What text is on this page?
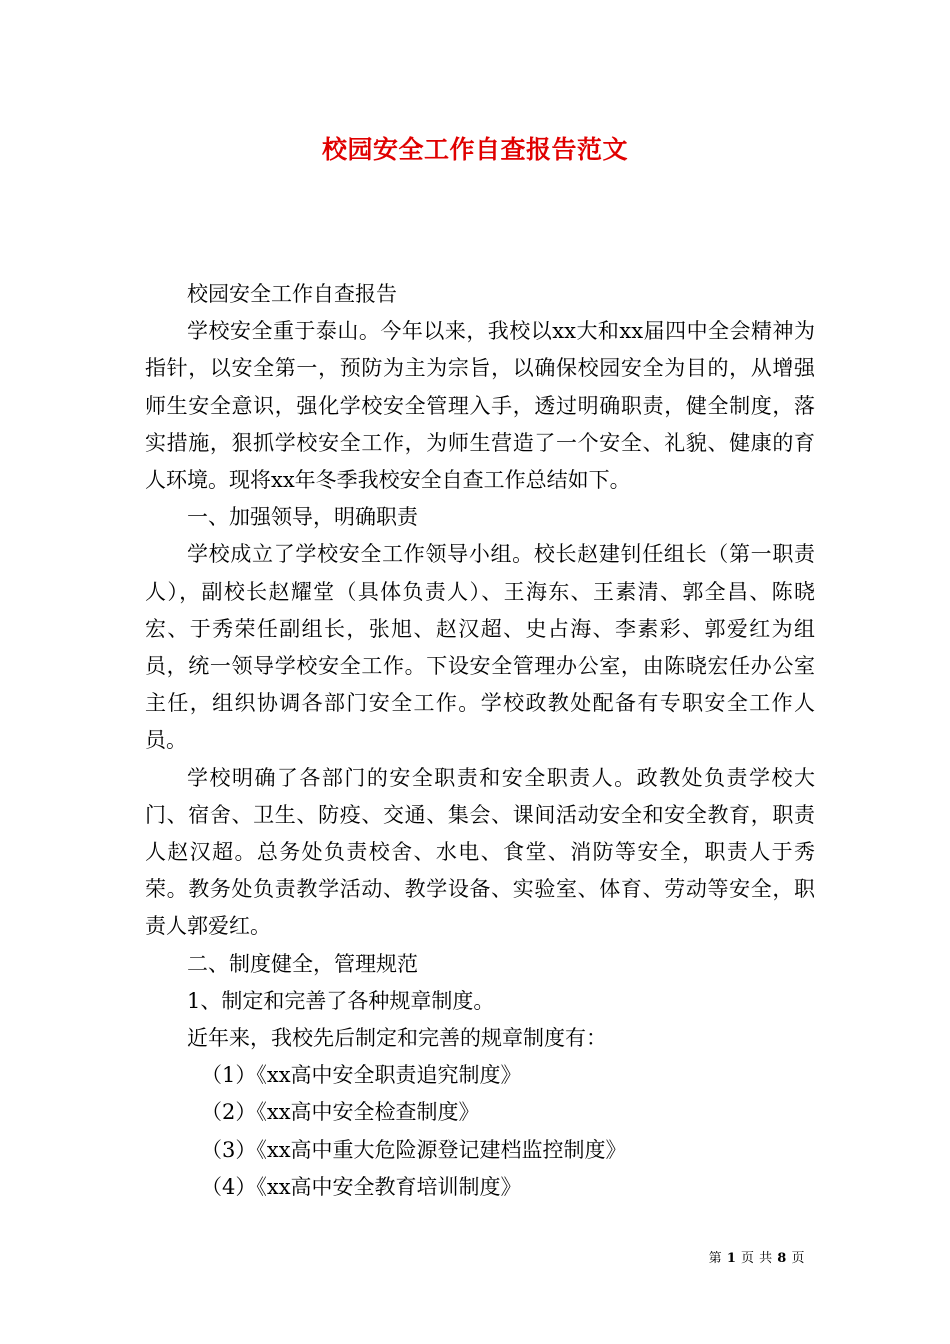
校园安全工作自查报告范文

校园安全工作自查报告

学校安全重于泰山。今年以来，我校以xx大和xx届四中全会精神为指针，以安全第一，预防为主为宗旨，以确保校园安全为目的，从增强师生安全意识，强化学校安全管理入手，透过明确职责，健全制度，落实措施，狠抓学校安全工作，为师生营造了一个安全、礼貌、健康的育人环境。现将xx年冬季我校安全自查工作总结如下。

一、加强领导，明确职责

学校成立了学校安全工作领导小组。校长赵建钊任组长（第一职责人），副校长赵耀堂（具体负责人）、王海东、王素清、郭全昌、陈晓宏、于秀荣任副组长，张旭、赵汉超、史占海、李素彩、郭爱红为组员，统一领导学校安全工作。下设安全管理办公室，由陈晓宏任办公室主任，组织协调各部门安全工作。学校政教处配备有专职安全工作人员。

学校明确了各部门的安全职责和安全职责人。政教处负责学校大门、宿舍、卫生、防疫、交通、集会、课间活动安全和安全教育，职责人赵汉超。总务处负责校舍、水电、食堂、消防等安全，职责人于秀荣。教务处负责教学活动、教学设备、实验室、体育、劳动等安全，职责人郭爱红。

二、制度健全，管理规范

1、制定和完善了各种规章制度。

近年来，我校先后制定和完善的规章制度有：

（1）《xx高中安全职责追究制度》

（2）《xx高中安全检查制度》

（3）《xx高中重大危险源登记建档监控制度》

（4）《xx高中安全教育培训制度》

第 1 页 共 8 页
